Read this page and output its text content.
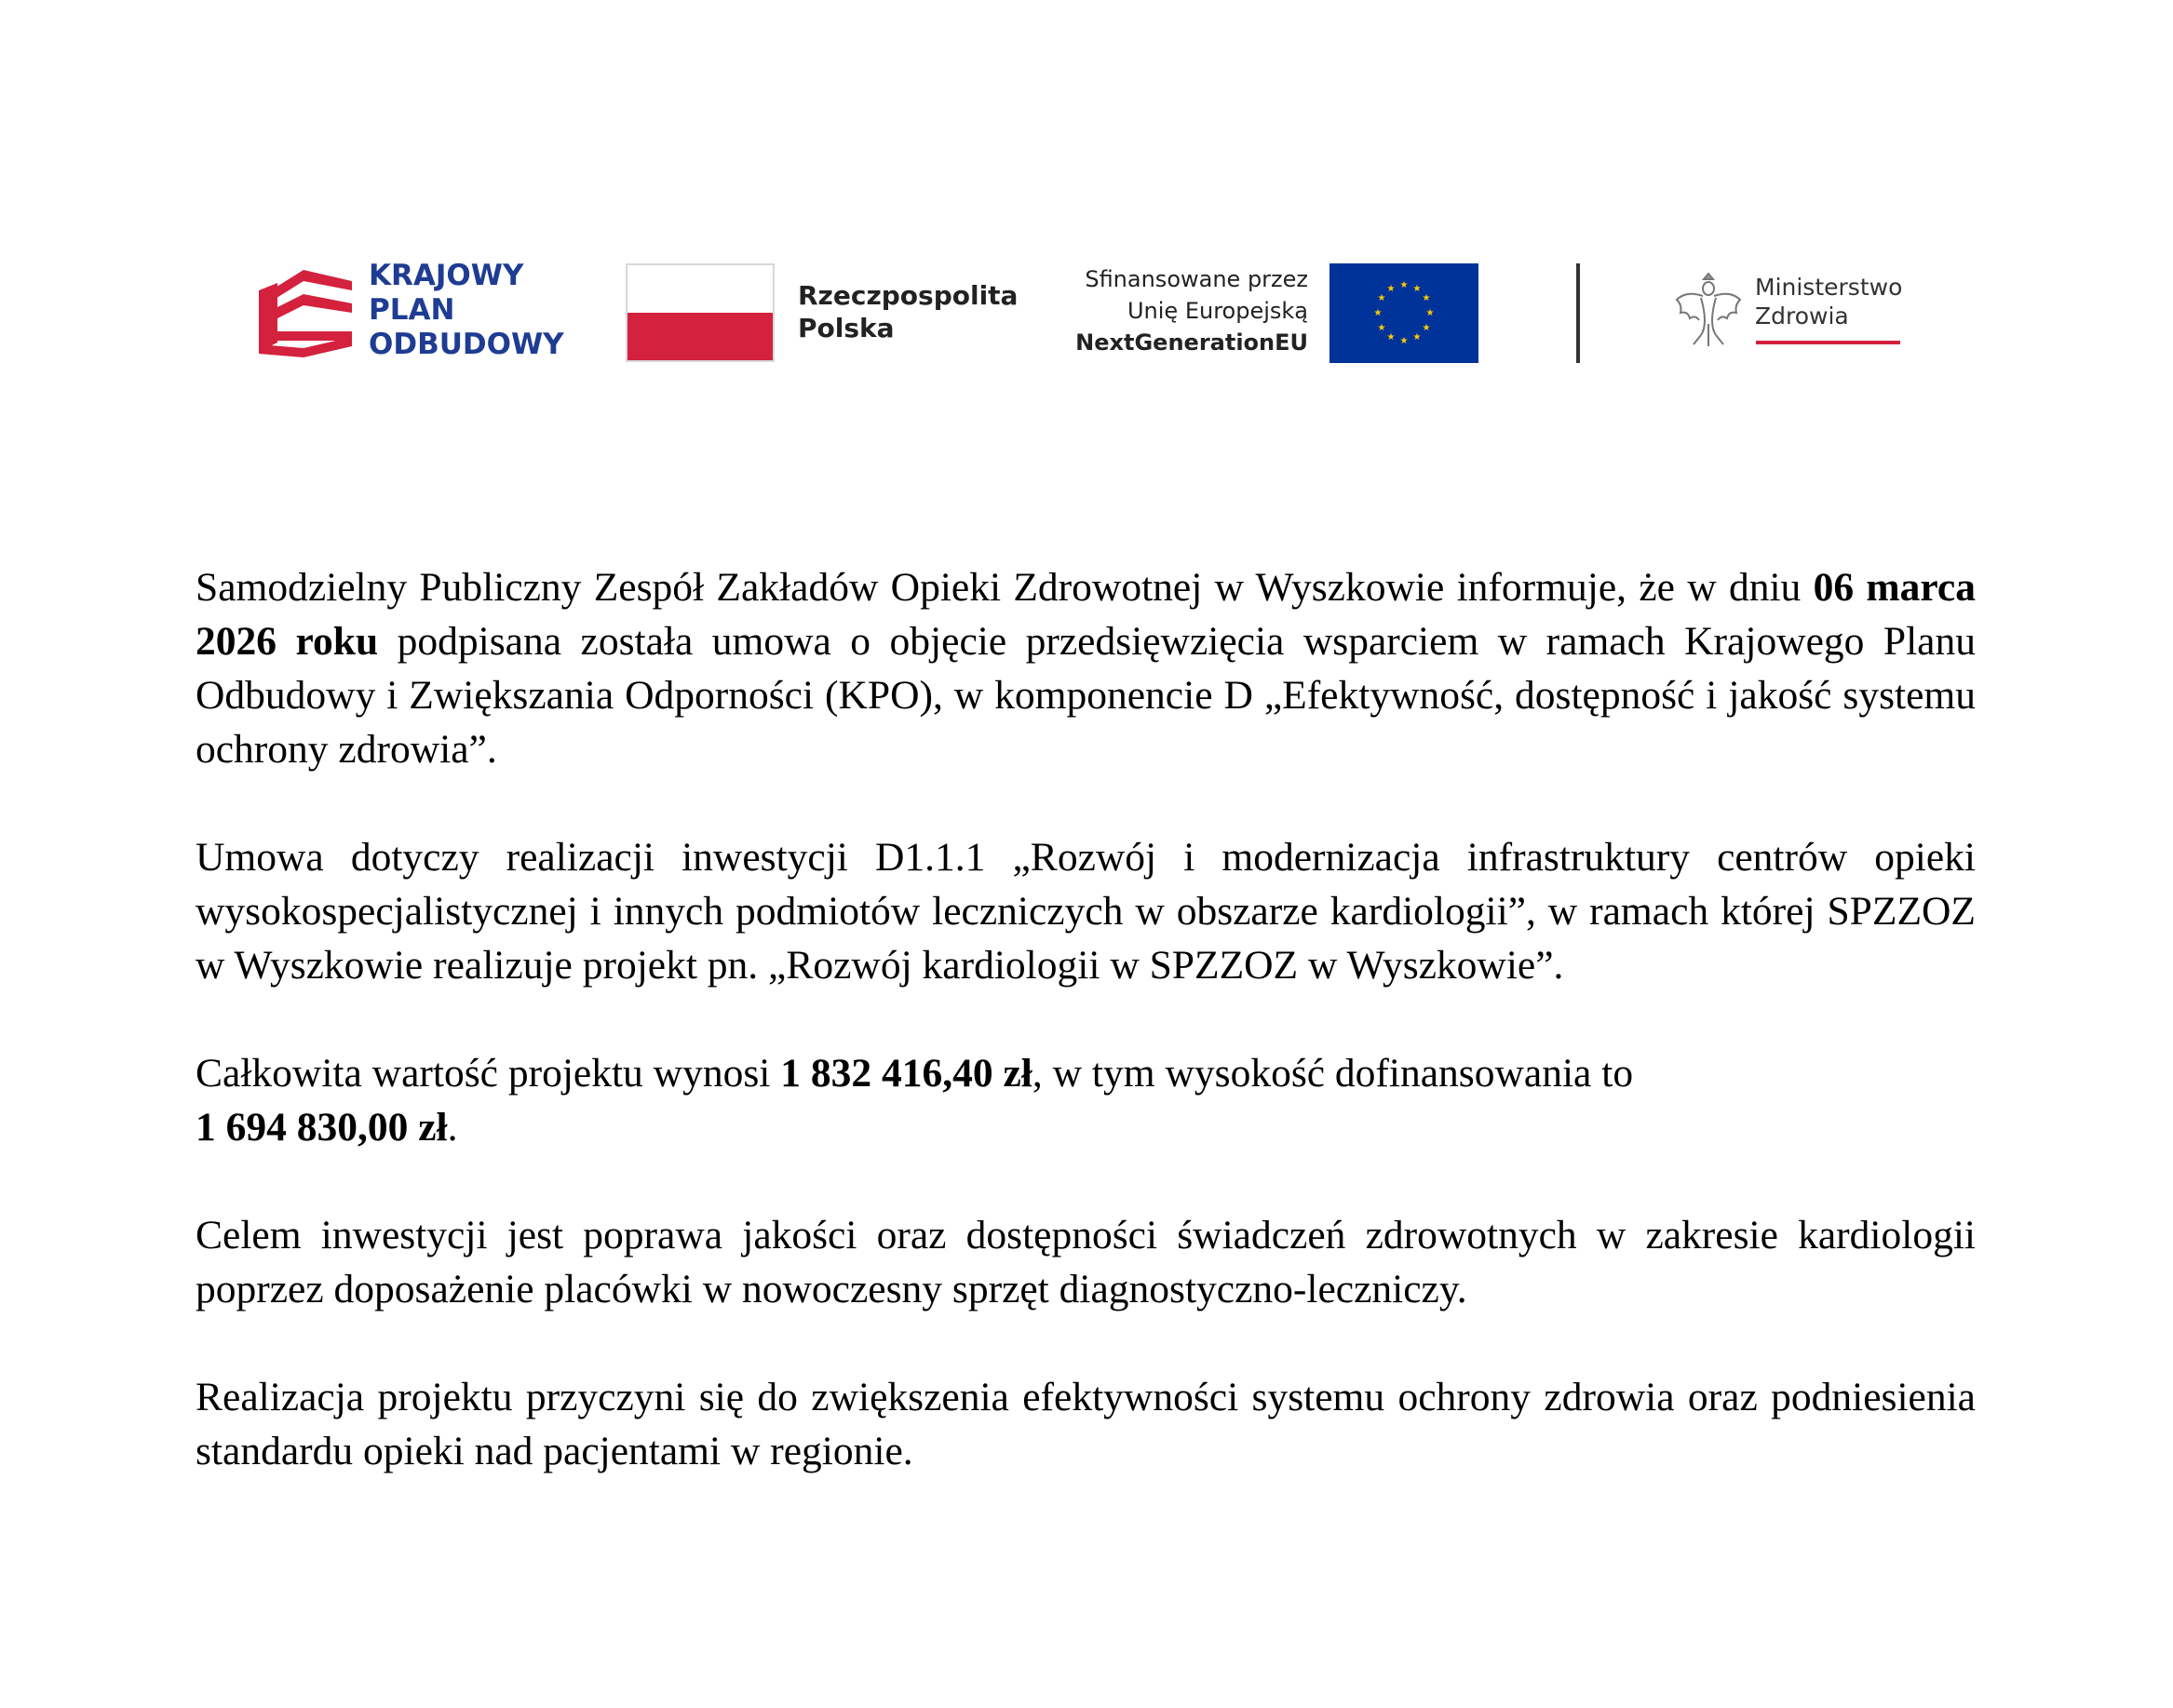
KRAJOWY
PLAN
ODBUDOWY
Rzeczpospolita
Polska
Sfinansowane przez
Unię Europejską
NextGenerationEU
★ ★
★
★
★
★
★
★
★
★
★
★	Ministerstwo
Zdrowia

Samodzielny Publiczny Zespół Zakładów Opieki Zdrowotnej w Wyszkowie informuje, że w dniu 06 marca 2026 roku podpisana została umowa o objęcie przedsięwzięcia wsparciem w ramach Krajowego Planu Odbudowy i Zwiększania Odporności (KPO), w komponencie D „Efektywność, dostępność i jakość systemu ochrony zdrowia”.

Umowa dotyczy realizacji inwestycji D1.1.1 „Rozwój i modernizacja infrastruktury centrów opieki wysokospecjalistycznej i innych podmiotów leczniczych w obszarze kardiologii”, w ramach której SPZZOZ w Wyszkowie realizuje projekt pn. „Rozwój kardiologii w SPZZOZ w Wyszkowie”.

Całkowita wartość projektu wynosi 1 832 416,40 zł, w tym wysokość dofinansowania to
1 694 830,00 zł.

Celem inwestycji jest poprawa jakości oraz dostępności świadczeń zdrowotnych w zakresie kardiologii poprzez doposażenie placówki w nowoczesny sprzęt diagnostyczno-leczniczy.

Realizacja projektu przyczyni się do zwiększenia efektywności systemu ochrony zdrowia oraz podniesienia standardu opieki nad pacjentami w regionie.
